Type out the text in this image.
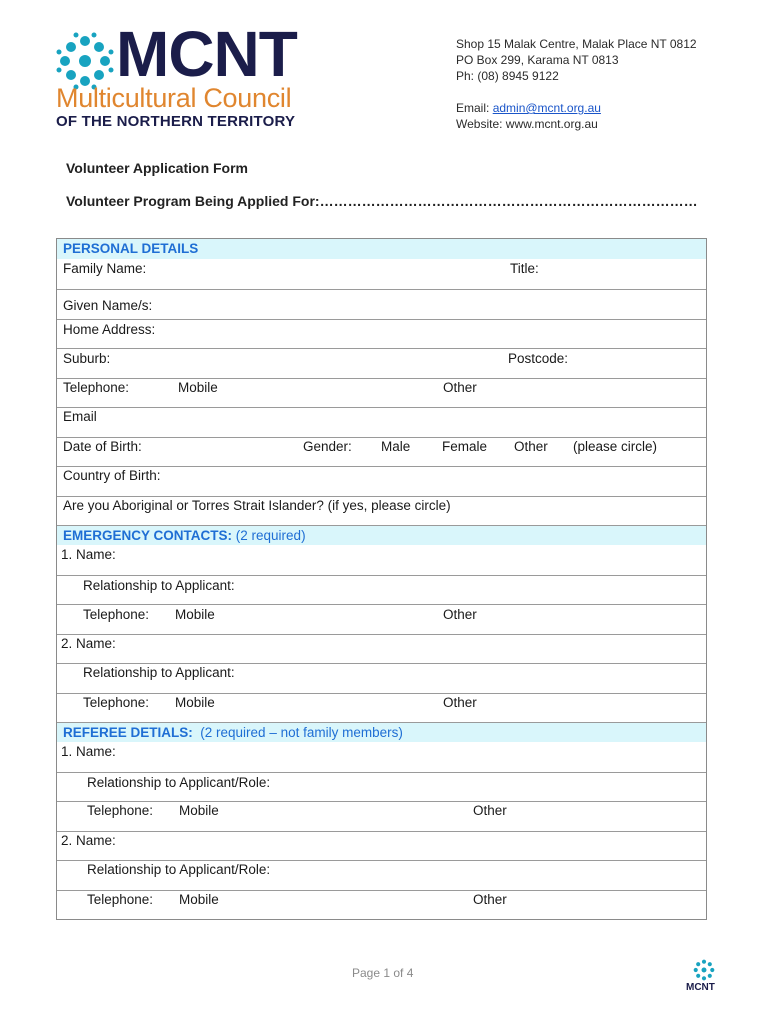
MCNT
Multicultural Council
OF THE NORTHERN TERRITORY
Shop 15 Malak Centre, Malak Place NT 0812
PO Box 299, Karama NT 0813
Ph: (08) 8945 9122
Email: admin@mcnt.org.au
Website: www.mcnt.org.au
Volunteer Application Form
Volunteer Program Being Applied For:………………………………………………………………………
PERSONAL DETAILS
Family Name:	Title:
Given Name/s:
Home Address:
Suburb:	Postcode:
Telephone:	Mobile	Other
Email
Date of Birth:	Gender: Male Female Other (please circle)
Country of Birth:
Are you Aboriginal or Torres Strait Islander? (if yes, please circle)
EMERGENCY CONTACTS: (2 required)
1. Name:
Relationship to Applicant:
Telephone: Mobile	Other
2. Name:
Relationship to Applicant:
Telephone: Mobile	Other
REFEREE DETIALS: (2 required – not family members)
1. Name:
Relationship to Applicant/Role:
Telephone: Mobile	Other
2. Name:
Relationship to Applicant/Role:
Telephone: Mobile	Other
Page 1 of 4
MCNT
